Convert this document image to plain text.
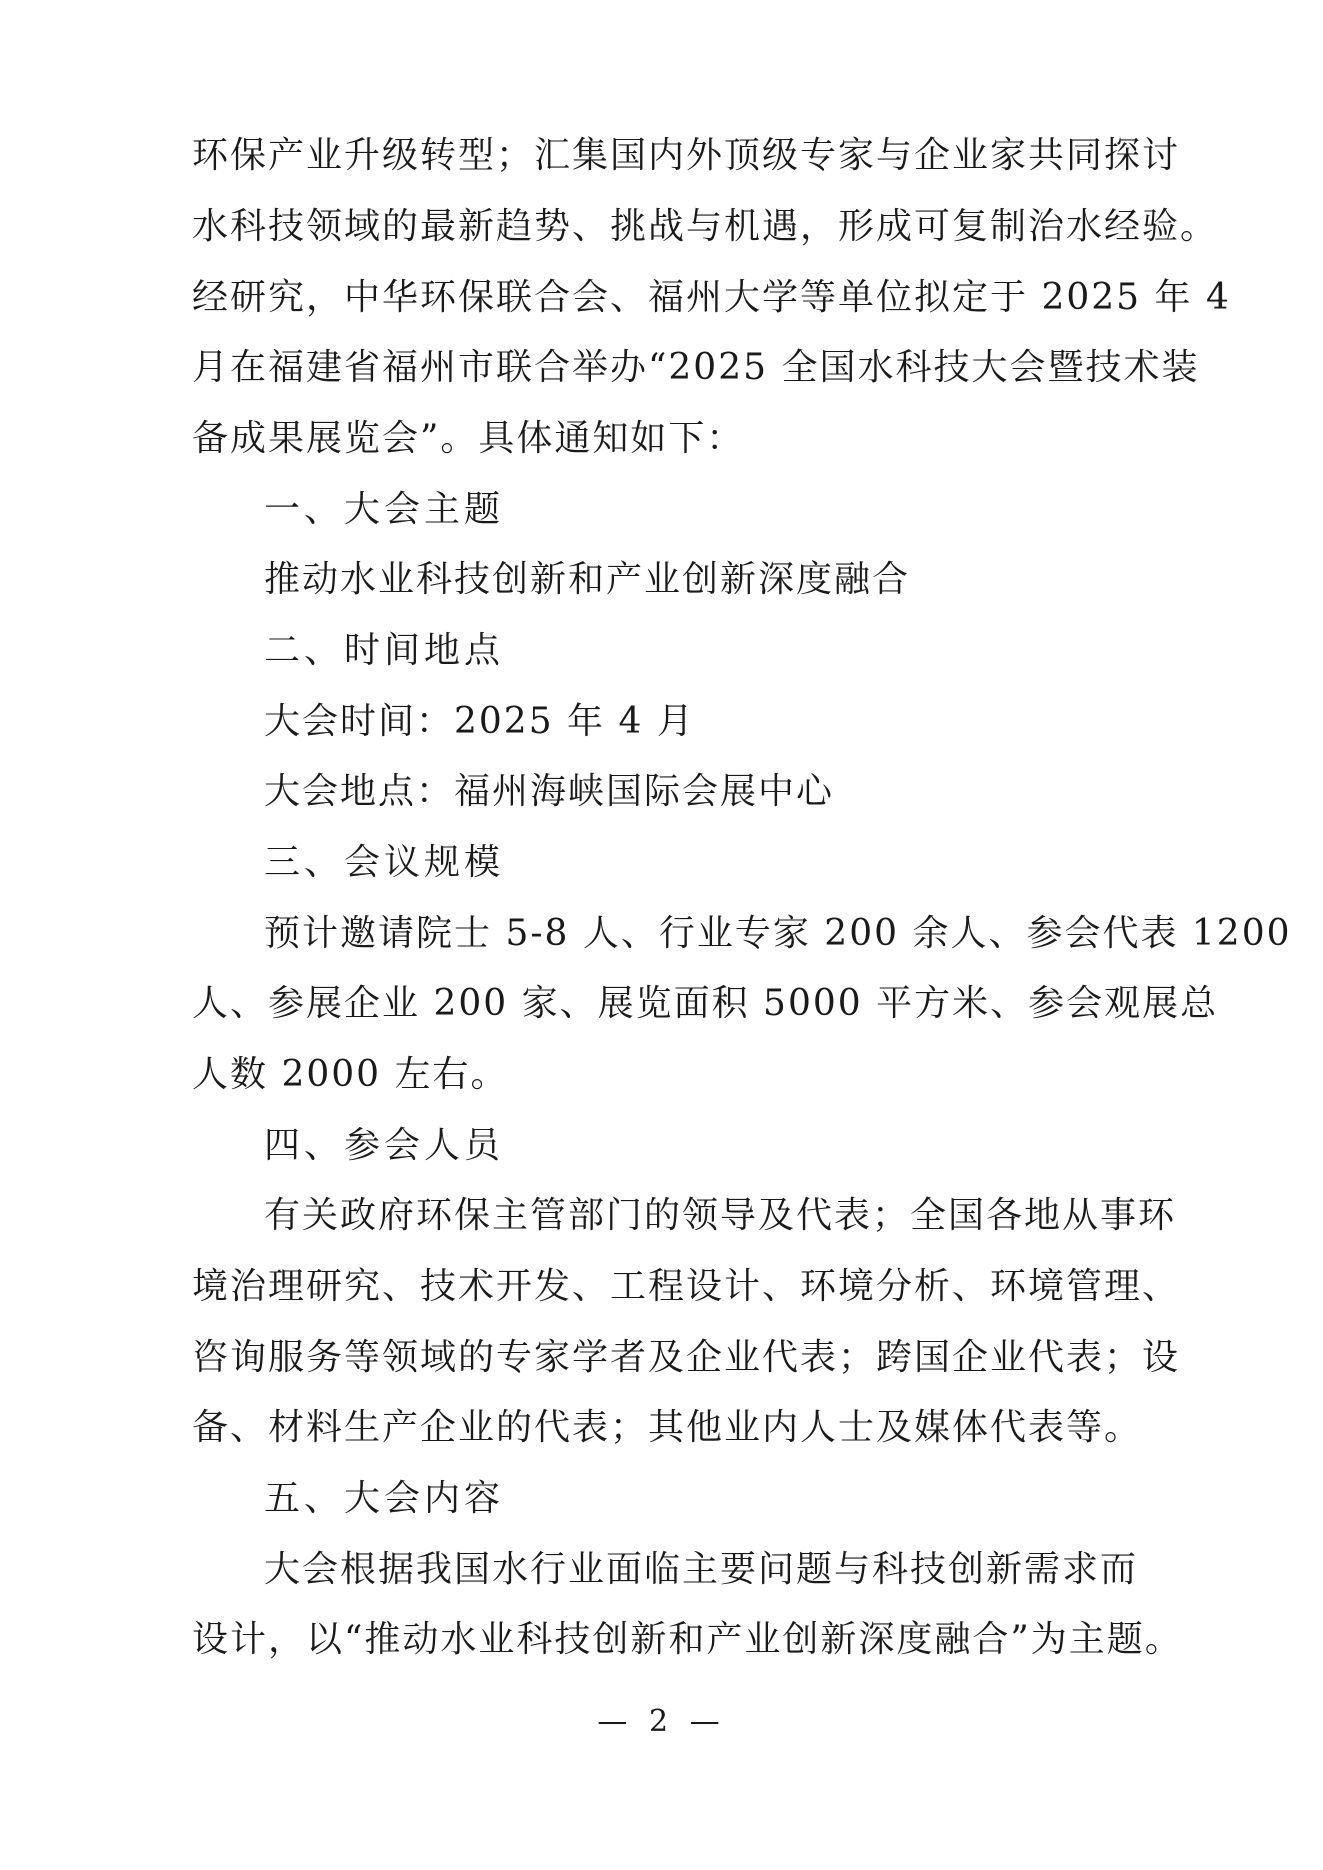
环保产业升级转型；汇集国内外顶级专家与企业家共同探讨
水科技领域的最新趋势、挑战与机遇，形成可复制治水经验。
经研究，中华环保联合会、福州大学等单位拟定于 2025 年 4
月在福建省福州市联合举办“2025 全国水科技大会暨技术装
备成果展览会”。具体通知如下：
一、大会主题
推动水业科技创新和产业创新深度融合
二、时间地点
大会时间：2025 年 4 月
大会地点：福州海峡国际会展中心
三、会议规模
预计邀请院士 5-8 人、行业专家 200 余人、参会代表 1200
人、参展企业 200 家、展览面积 5000 平方米、参会观展总
人数 2000 左右。
四、参会人员
有关政府环保主管部门的领导及代表；全国各地从事环
境治理研究、技术开发、工程设计、环境分析、环境管理、
咨询服务等领域的专家学者及企业代表；跨国企业代表；设
备、材料生产企业的代表；其他业内人士及媒体代表等。
五、大会内容
大会根据我国水行业面临主要问题与科技创新需求而
设计，以“推动水业科技创新和产业创新深度融合”为主题。
— 2 —
